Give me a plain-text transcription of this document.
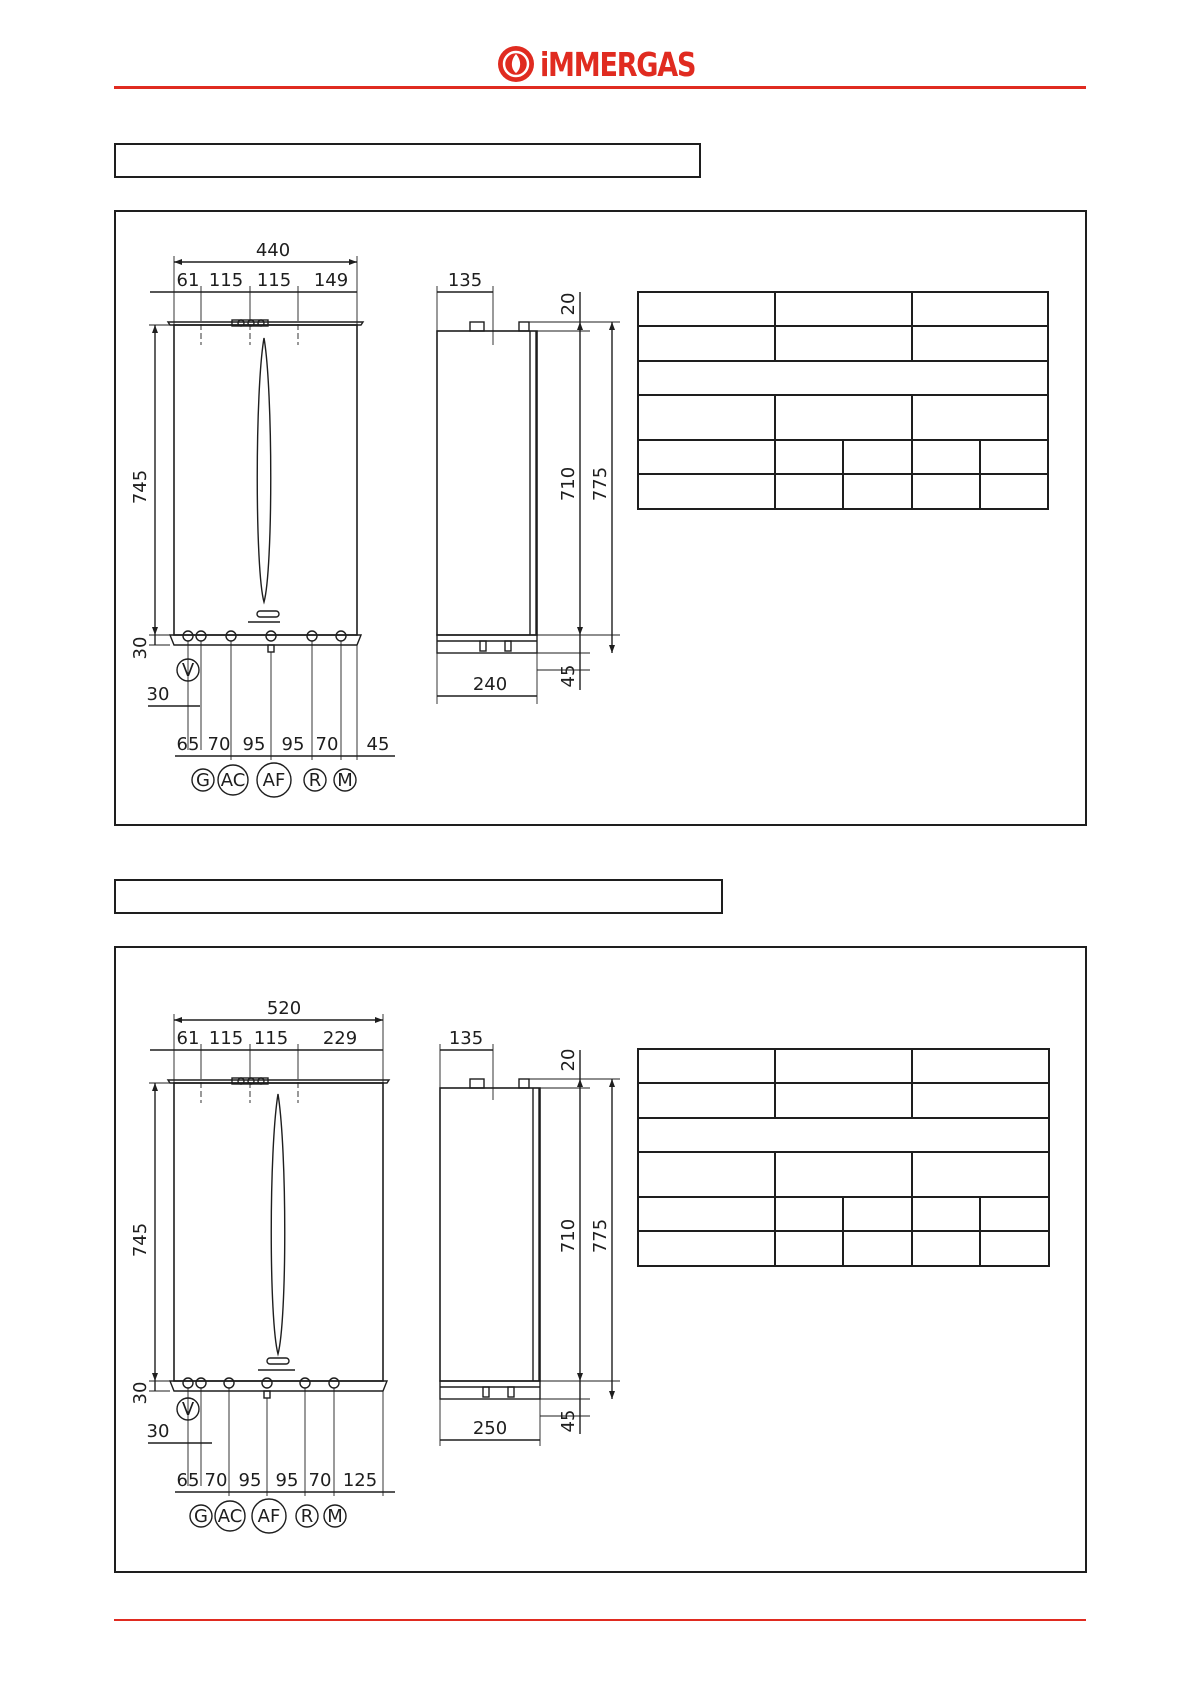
iMMERGAS
440
61 115 115 149
745
30
30
V
65 70 95 95 70 45
135
240
20
710 775
45
G AC AF R M
520
61 115 115 229
745
30
30
V
65 70 95 95 70 125
135
250
20
710 775
45
G AC AF R M
